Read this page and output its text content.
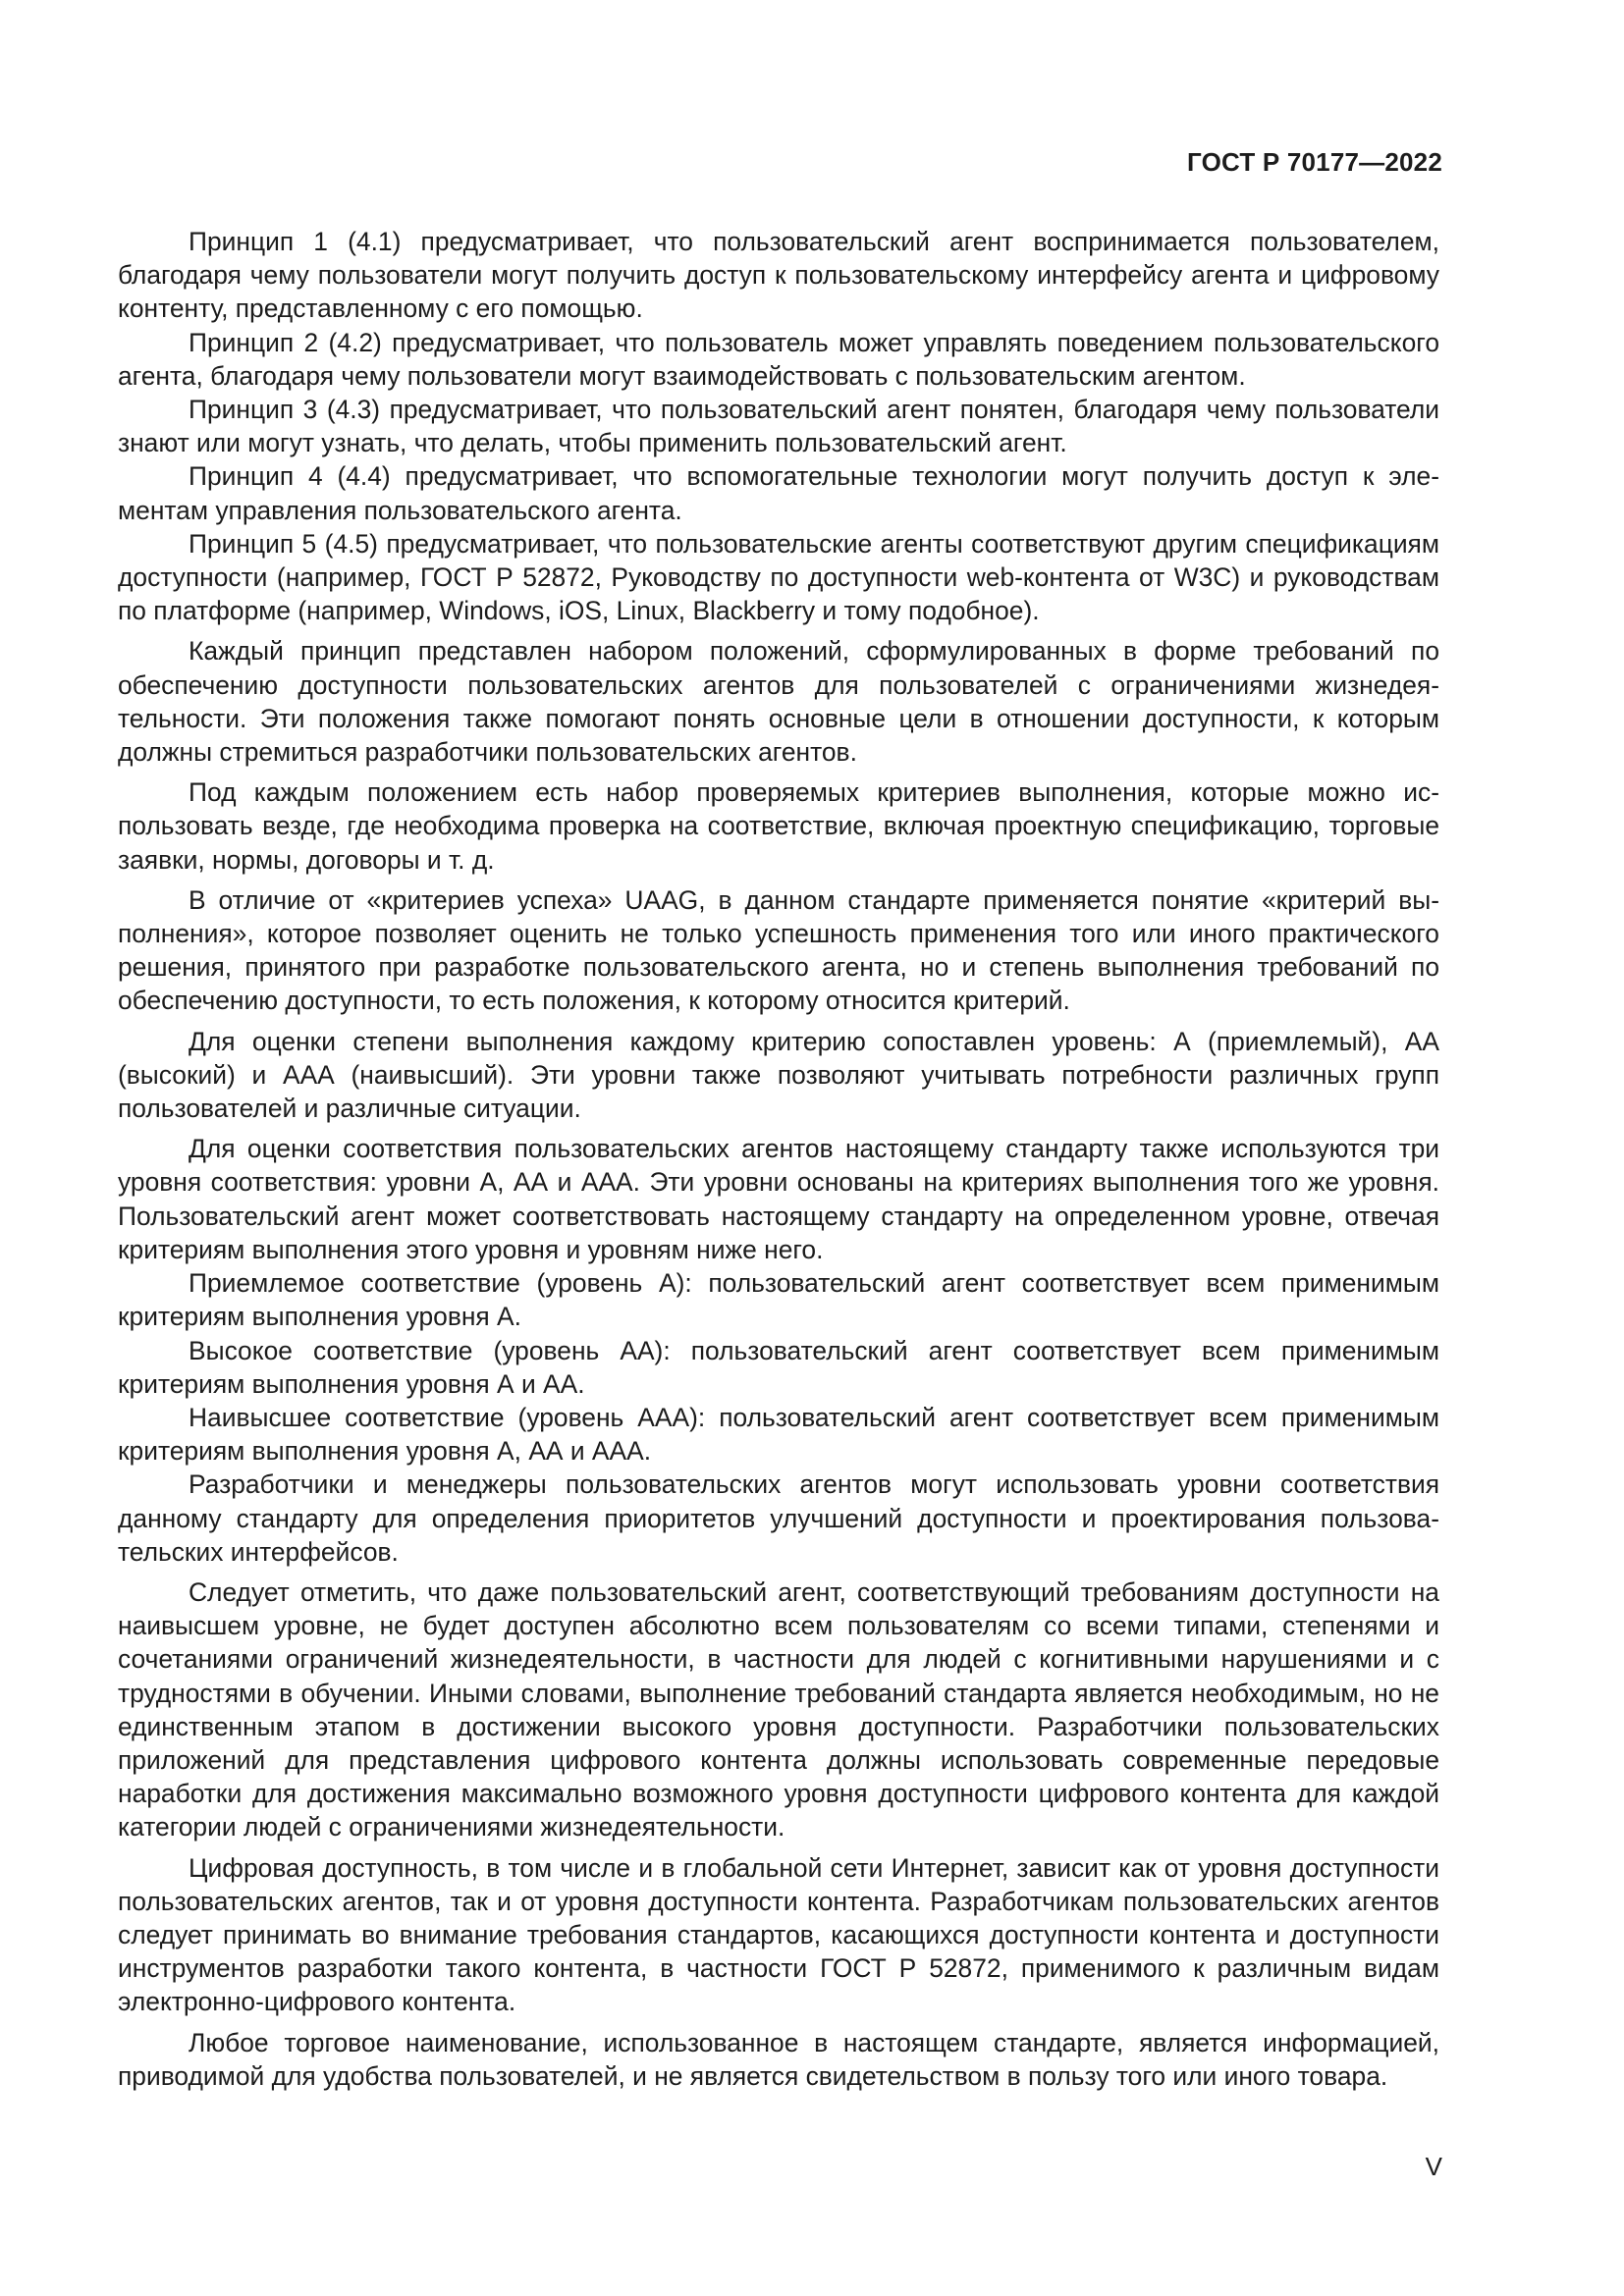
ГОСТ Р 70177—2022

Принцип 1 (4.1) предусматривает, что пользовательский агент воспринимается пользователем, благодаря чему пользователи могут получить доступ к пользовательскому интерфейсу агента и цифровому контенту, представленному с его помощью.

Принцип 2 (4.2) предусматривает, что пользователь может управлять поведением пользовательского агента, благодаря чему пользователи могут взаимодействовать с пользовательским агентом.

Принцип 3 (4.3) предусматривает, что пользовательский агент понятен, благодаря чему пользователи знают или могут узнать, что делать, чтобы применить пользовательский агент.

Принцип 4 (4.4) предусматривает, что вспомогательные технологии могут получить доступ к элементам управления пользовательского агента.

Принцип 5 (4.5) предусматривает, что пользовательские агенты соответствуют другим спецификациям доступности (например, ГОСТ Р 52872, Руководству по доступности web-контента от W3C) и руководствам по платформе (например, Windows, iOS, Linux, Blackberry и тому подобное).

Каждый принцип представлен набором положений, сформулированных в форме требований по обеспечению доступности пользовательских агентов для пользователей с ограничениями жизнедеятельности. Эти положения также помогают понять основные цели в отношении доступности, к которым должны стремиться разработчики пользовательских агентов.

Под каждым положением есть набор проверяемых критериев выполнения, которые можно использовать везде, где необходима проверка на соответствие, включая проектную спецификацию, торговые заявки, нормы, договоры и т. д.

В отличие от «критериев успеха» UAAG, в данном стандарте применяется понятие «критерий выполнения», которое позволяет оценить не только успешность применения того или иного практического решения, принятого при разработке пользовательского агента, но и степень выполнения требований по обеспечению доступности, то есть положения, к которому относится критерий.

Для оценки степени выполнения каждому критерию сопоставлен уровень: А (приемлемый), АА (высокий) и ААА (наивысший). Эти уровни также позволяют учитывать потребности различных групп пользователей и различные ситуации.

Для оценки соответствия пользовательских агентов настоящему стандарту также используются три уровня соответствия: уровни А, АА и ААА. Эти уровни основаны на критериях выполнения того же уровня. Пользовательский агент может соответствовать настоящему стандарту на определенном уровне, отвечая критериям выполнения этого уровня и уровням ниже него.

Приемлемое соответствие (уровень А): пользовательский агент соответствует всем применимым критериям выполнения уровня А.

Высокое соответствие (уровень АА): пользовательский агент соответствует всем применимым критериям выполнения уровня А и АА.

Наивысшее соответствие (уровень ААА): пользовательский агент соответствует всем применимым критериям выполнения уровня А, АА и ААА.

Разработчики и менеджеры пользовательских агентов могут использовать уровни соответствия данному стандарту для определения приоритетов улучшений доступности и проектирования пользовательских интерфейсов.

Следует отметить, что даже пользовательский агент, соответствующий требованиям доступности на наивысшем уровне, не будет доступен абсолютно всем пользователям со всеми типами, степенями и сочетаниями ограничений жизнедеятельности, в частности для людей с когнитивными нарушениями и с трудностями в обучении. Иными словами, выполнение требований стандарта является необходимым, но не единственным этапом в достижении высокого уровня доступности. Разработчики пользовательских приложений для представления цифрового контента должны использовать современные передовые наработки для достижения максимально возможного уровня доступности цифрового контента для каждой категории людей с ограничениями жизнедеятельности.

Цифровая доступность, в том числе и в глобальной сети Интернет, зависит как от уровня доступности пользовательских агентов, так и от уровня доступности контента. Разработчикам пользовательских агентов следует принимать во внимание требования стандартов, касающихся доступности контента и доступности инструментов разработки такого контента, в частности ГОСТ Р 52872, применимого к различным видам электронно-цифрового контента.

Любое торговое наименование, использованное в настоящем стандарте, является информацией, приводимой для удобства пользователей, и не является свидетельством в пользу того или иного товара.

V
